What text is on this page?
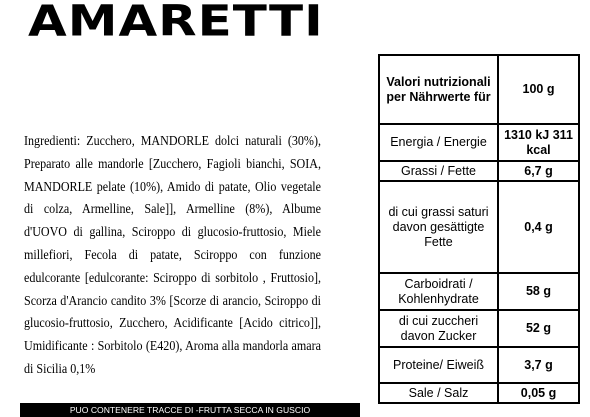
AMARETTI
Ingredienti: Zucchero, MANDORLE dolci naturali (30%), Preparato alle mandorle [Zucchero, Fagioli bianchi, SOIA, MANDORLE pelate (10%), Amido di patate, Olio vegetale di colza, Armelline, Sale]], Armelline (8%), Albume d'UOVO di gallina, Sciroppo di glucosio-fruttosio, Miele millefiori, Fecola di patate, Sciroppo con funzione edulcorante [edulcorante: Sciroppo di sorbitolo , Fruttosio], Scorza d'Arancio candito 3% [Scorze di arancio, Sciroppo di glucosio-fruttosio, Zucchero, Acidificante [Acido citrico]], Umidificante : Sorbitolo (E420), Aroma alla mandorla amara di Sicilia 0,1%
PUO CONTENERE TRACCE DI -FRUTTA SECCA IN GUSCIO
Valori nutrizionali per Nährwerte für	100 g
Energia / Energie	1310 kJ 311 kcal
Grassi / Fette	6,7 g
di cui grassi saturi davon gesättigte Fette	0,4 g
Carboidrati / Kohlenhydrate	58 g
di cui zuccheri davon Zucker	52 g
Proteine/ Eiweiß	3,7 g
Sale / Salz	0,05 g
